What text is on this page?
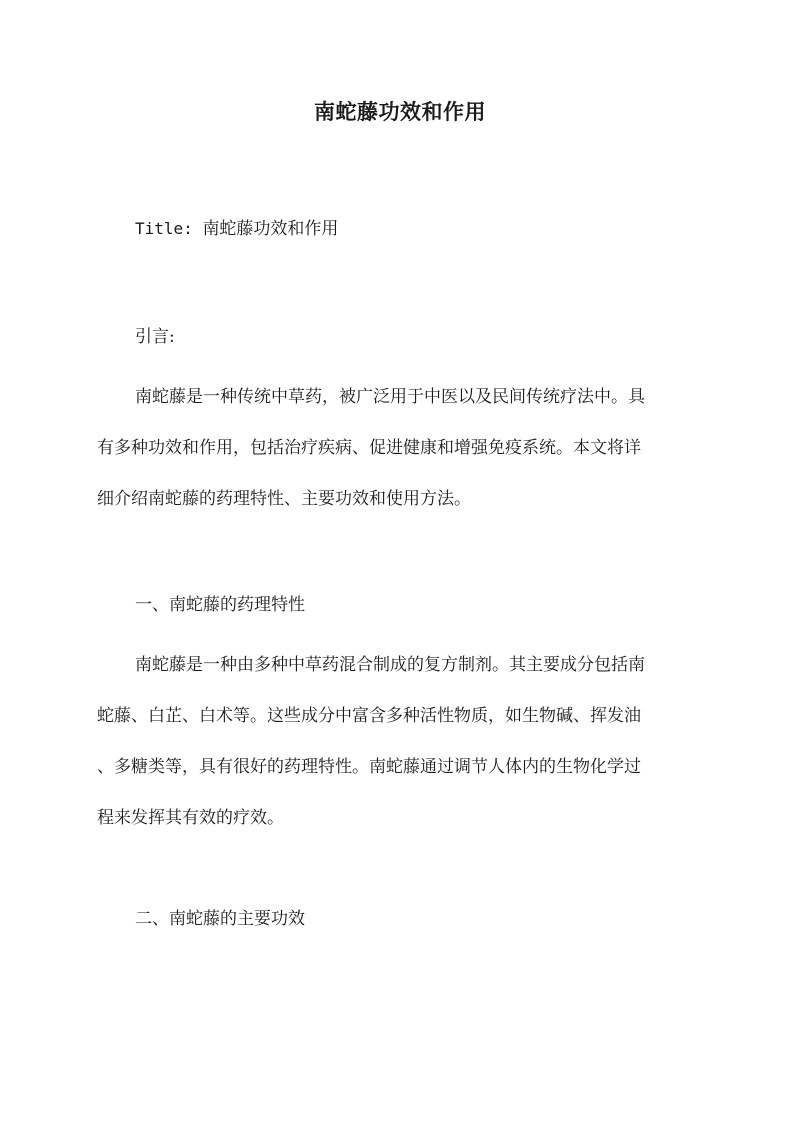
南蛇藤功效和作用
Title: 南蛇藤功效和作用
引言:
南蛇藤是一种传统中草药，被广泛用于中医以及民间传统疗法中。具
有多种功效和作用，包括治疗疾病、促进健康和增强免疫系统。本文将详
细介绍南蛇藤的药理特性、主要功效和使用方法。
一、南蛇藤的药理特性
南蛇藤是一种由多种中草药混合制成的复方制剂。其主要成分包括南
蛇藤、白芷、白术等。这些成分中富含多种活性物质，如生物碱、挥发油
、多糖类等，具有很好的药理特性。南蛇藤通过调节人体内的生物化学过
程来发挥其有效的疗效。
二、南蛇藤的主要功效
